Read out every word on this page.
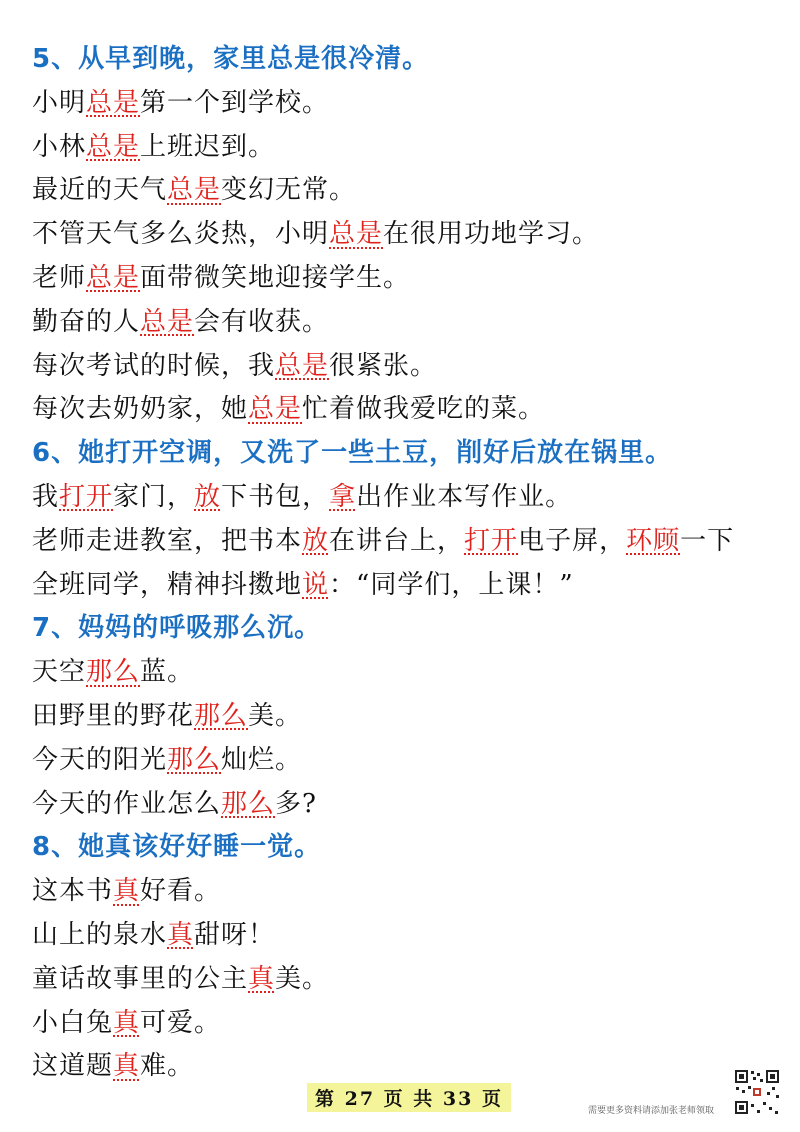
5、从早到晚，家里总是很冷清。
小明总是第一个到学校。
小林总是上班迟到。
最近的天气总是变幻无常。
不管天气多么炎热，小明总是在很用功地学习。
老师总是面带微笑地迎接学生。
勤奋的人总是会有收获。
每次考试的时候，我总是很紧张。
每次去奶奶家，她总是忙着做我爱吃的菜。
6、她打开空调，又洗了一些土豆，削好后放在锅里。
我打开家门，放下书包，拿出作业本写作业。
老师走进教室，把书本放在讲台上，打开电子屏，环顾一下
全班同学，精神抖擞地说：“同学们，上课！”
7、妈妈的呼吸那么沉。
天空那么蓝。
田野里的野花那么美。
今天的阳光那么灿烂。
今天的作业怎么那么多?
8、她真该好好睡一觉。
这本书真好看。
山上的泉水真甜呀！
童话故事里的公主真美。
小白兔真可爱。
这道题真难。
第 27 页 共 33 页
需要更多资料请添加张老师领取
